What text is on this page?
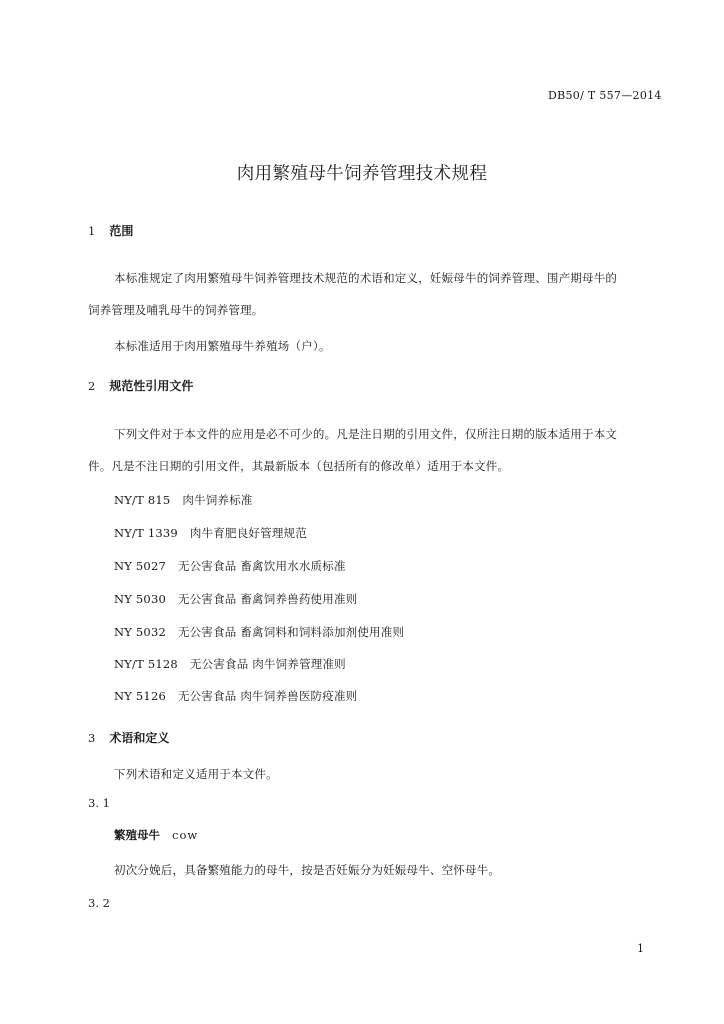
DB50/ T 557—2014
肉用繁殖母牛饲养管理技术规程
1 范围
本标准规定了肉用繁殖母牛饲养管理技术规范的术语和定义，妊娠母牛的饲养管理、围产期母牛的
饲养管理及哺乳母牛的饲养管理。
本标准适用于肉用繁殖母牛养殖场（户）。
2 规范性引用文件
下列文件对于本文件的应用是必不可少的。凡是注日期的引用文件，仅所注日期的版本适用于本文
件。凡是不注日期的引用文件，其最新版本（包括所有的修改单）适用于本文件。
NY/T 815 肉牛饲养标准
NY/T 1339 肉牛育肥良好管理规范
NY 5027 无公害食品 畜禽饮用水水质标准
NY 5030 无公害食品 畜禽饲养兽药使用准则
NY 5032 无公害食品 畜禽饲料和饲料添加剂使用准则
NY/T 5128 无公害食品 肉牛饲养管理准则
NY 5126 无公害食品 肉牛饲养兽医防疫准则
3 术语和定义
下列术语和定义适用于本文件。
3. 1
繁殖母牛 cow
初次分娩后，具备繁殖能力的母牛，按是否妊娠分为妊娠母牛、空怀母牛。
3. 2
1
